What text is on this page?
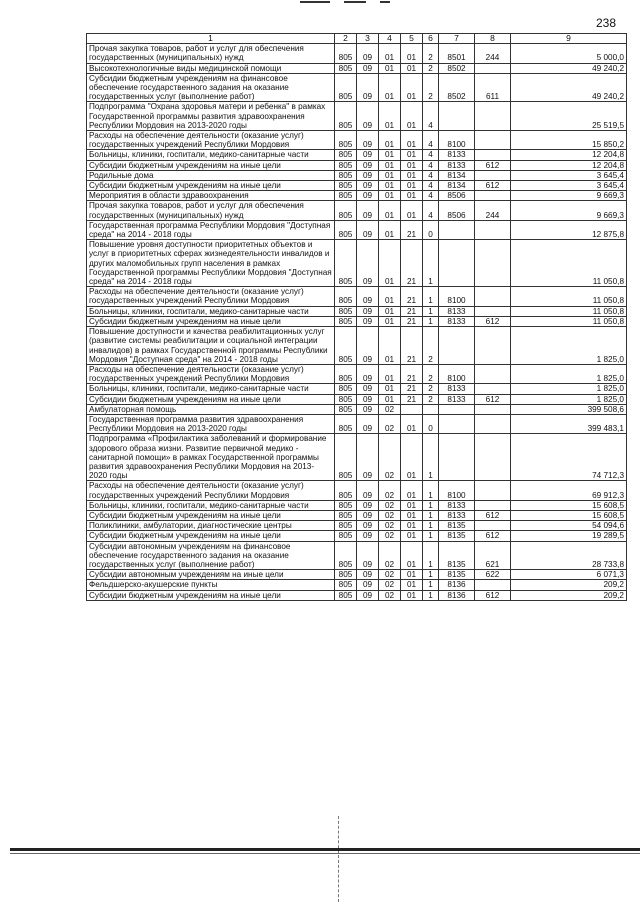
238
1	2	3	4	5	6	7	8	9
Прочая закупка товаров, работ и услуг для обеспечения государственных (муниципальных) нужд	805	09	01	01	2	8501	244	5 000,0
Высокотехнологичные виды медицинской помощи	805	09	01	01	2	8502		49 240,2
Субсидии бюджетным учреждениям на финансовое обеспечение государственного задания на оказание государственных услуг (выполнение работ)	805	09	01	01	2	8502	611	49 240,2
Подпрограмма "Охрана здоровья матери и ребенка" в рамках Государственной программы развития здравоохранения Республики Мордовия на 2013-2020 годы	805	09	01	01	4			25 519,5
Расходы на обеспечение деятельности (оказание услуг) государственных учреждений Республики Мордовия	805	09	01	01	4	8100		15 850,2
Больницы, клиники, госпитали, медико-санитарные части	805	09	01	01	4	8133		12 204,8
Субсидии бюджетным учреждениям на иные цели	805	09	01	01	4	8133	612	12 204,8
Родильные дома	805	09	01	01	4	8134		3 645,4
Субсидии бюджетным учреждениям на иные цели	805	09	01	01	4	8134	612	3 645,4
Мероприятия в области здравоохранения	805	09	01	01	4	8506		9 669,3
Прочая закупка товаров, работ и услуг для обеспечения государственных (муниципальных) нужд	805	09	01	01	4	8506	244	9 669,3
Государственная программа Республики Мордовия "Доступная среда" на 2014 - 2018 годы	805	09	01	21	0			12 875,8
Повышение уровня доступности приоритетных объектов и услуг в приоритетных сферах жизнедеятельности инвалидов и других маломобильных групп населения в рамках Государственной программы Республики Мордовия "Доступная среда" на 2014 - 2018 годы	805	09	01	21	1			11 050,8
Расходы на обеспечение деятельности (оказание услуг) государственных учреждений Республики Мордовия	805	09	01	21	1	8100		11 050,8
Больницы, клиники, госпитали, медико-санитарные части	805	09	01	21	1	8133		11 050,8
Субсидии бюджетным учреждениям на иные цели	805	09	01	21	1	8133	612	11 050,8
Повышение доступности и качества реабилитационных услуг (развитие системы реабилитации и социальной интеграции инвалидов) в рамках Государственной программы Республики Мордовия "Доступная среда" на 2014 - 2018 годы	805	09	01	21	2			1 825,0
Расходы на обеспечение деятельности (оказание услуг) государственных учреждений Республики Мордовия	805	09	01	21	2	8100		1 825,0
Больницы, клиники, госпитали, медико-санитарные части	805	09	01	21	2	8133		1 825,0
Субсидии бюджетным учреждениям на иные цели	805	09	01	21	2	8133	612	1 825,0
Амбулаторная помощь	805	09	02					399 508,6
Государственная программа развития здравоохранения Республики Мордовия на 2013-2020 годы	805	09	02	01	0			399 483,1
Подпрограмма «Профилактика заболеваний и формирование здорового образа жизни. Развитие первичной медико - санитарной помощи» в рамках Государственной программы развития здравоохранения Республики Мордовия на 2013-2020 годы	805	09	02	01	1			74 712,3
Расходы на обеспечение деятельности (оказание услуг) государственных учреждений Республики Мордовия	805	09	02	01	1	8100		69 912,3
Больницы, клиники, госпитали, медико-санитарные части	805	09	02	01	1	8133		15 608,5
Субсидии бюджетным учреждениям на иные цели	805	09	02	01	1	8133	612	15 608,5
Поликлиники, амбулатории, диагностические центры	805	09	02	01	1	8135		54 094,6
Субсидии бюджетным учреждениям на иные цели	805	09	02	01	1	8135	612	19 289,5
Субсидии автономным учреждениям на финансовое обеспечение государственного задания на оказание государственных услуг (выполнение работ)	805	09	02	01	1	8135	621	28 733,8
Субсидии автономным учреждениям на иные цели	805	09	02	01	1	8135	622	6 071,3
Фельдшерско-акушерские пункты	805	09	02	01	1	8136		209,2
Субсидии бюджетным учреждениям на иные цели	805	09	02	01	1	8136	612	209,2
